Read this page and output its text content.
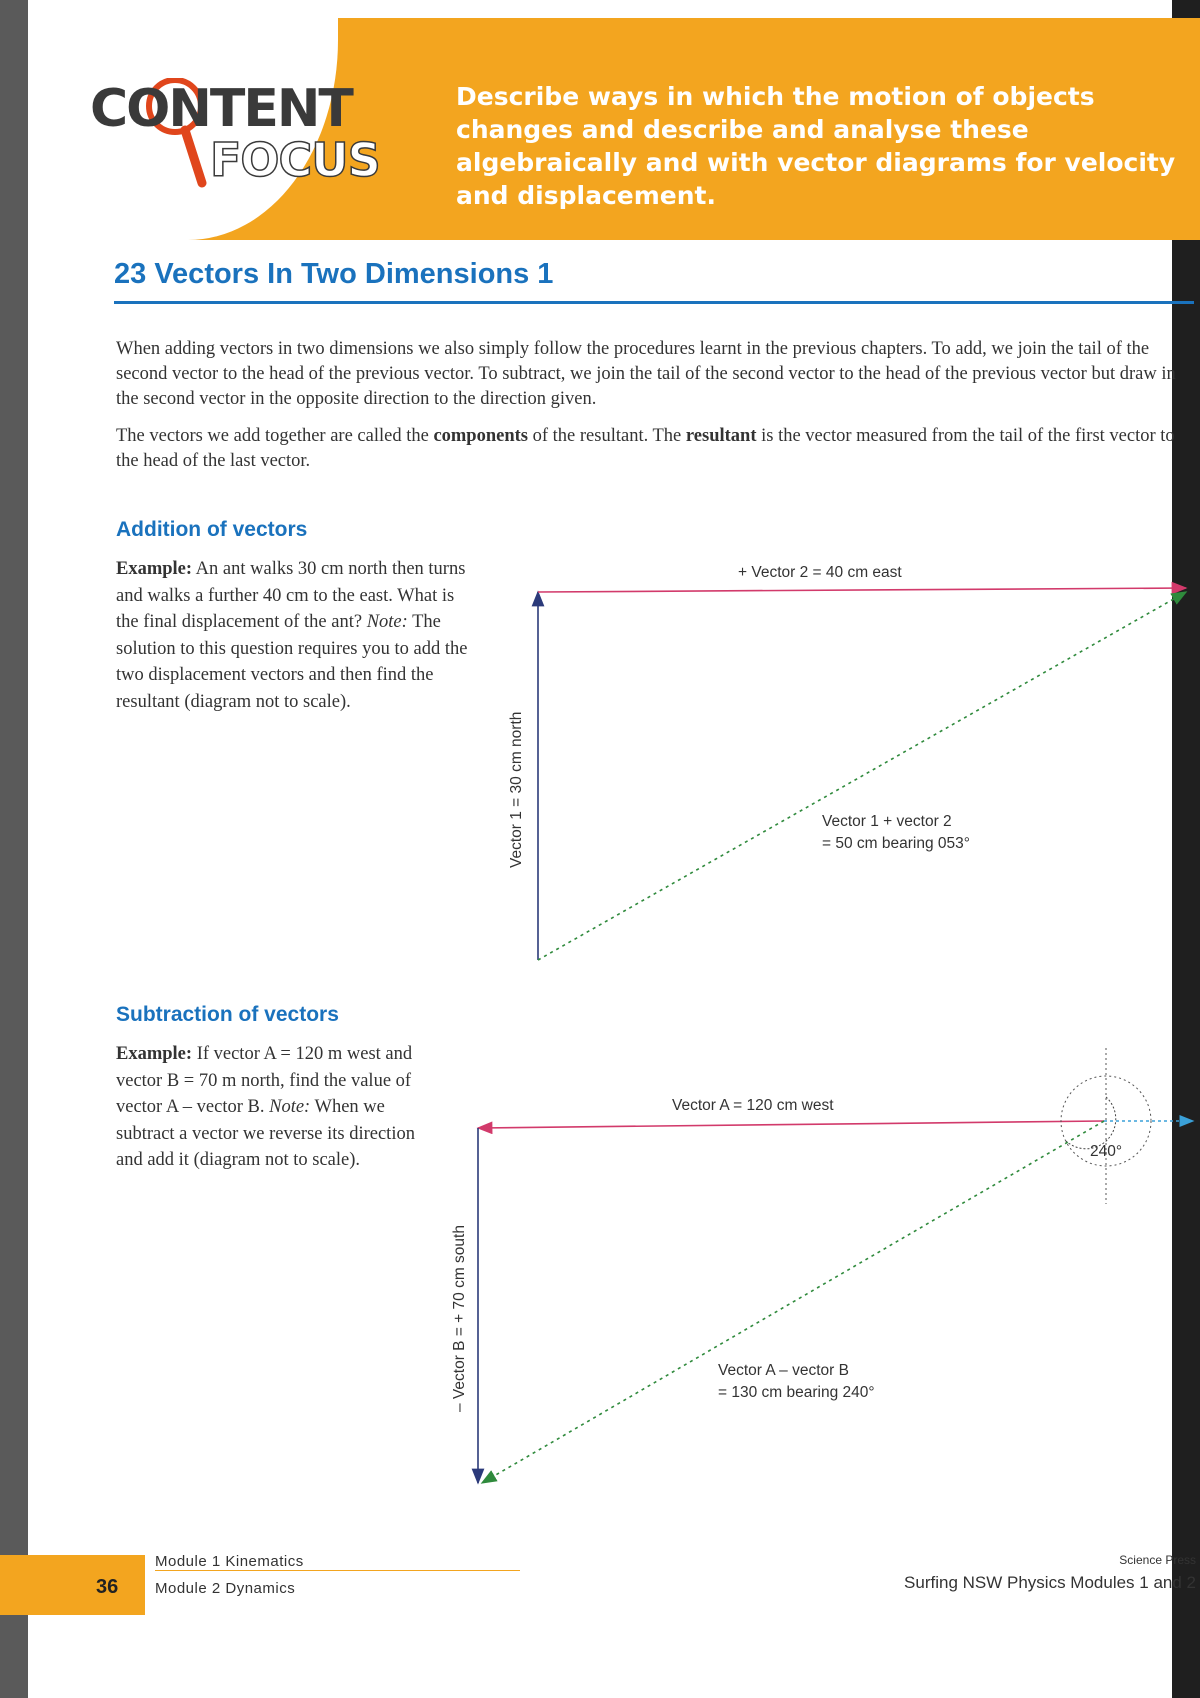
CONTENT
FOCUS
Describe ways in which the motion of objects changes and describe and analyse these algebraically and with vector diagrams for velocity and displacement.
23 Vectors In Two Dimensions 1

When adding vectors in two dimensions we also simply follow the procedures learnt in the previous chapters. To add, we join the tail of the second vector to the head of the previous vector. To subtract, we join the tail of the second vector to the head of the previous vector but draw in the second vector in the opposite direction to the direction given.

The vectors we add together are called the components of the resultant. The resultant is the vector measured from the tail of the first vector to the head of the last vector.

Addition of vectors

Example: An ant walks 30 cm north then turns and walks a further 40 cm to the east. What is the final displacement of the ant? Note: The solution to this question requires you to add the two displacement vectors and then find the resultant (diagram not to scale).

Subtraction of vectors

Example: If vector A = 120 m west and vector B = 70 m north, find the value of vector A – vector B. Note: When we subtract a vector we reverse its direction and add it (diagram not to scale).

+ Vector 2 = 40 cm east
Vector 1 = 30 cm north	Vector 1 + vector 2
= 50 cm bearing 053°
Vector A = 120 cm west
– Vector B = + 70 cm south
240°
Vector A – vector B
= 130 cm bearing 240°
36
Module 1 Kinematics
Module 2 Dynamics
Science Press
Surfing NSW Physics Modules 1 and 2
